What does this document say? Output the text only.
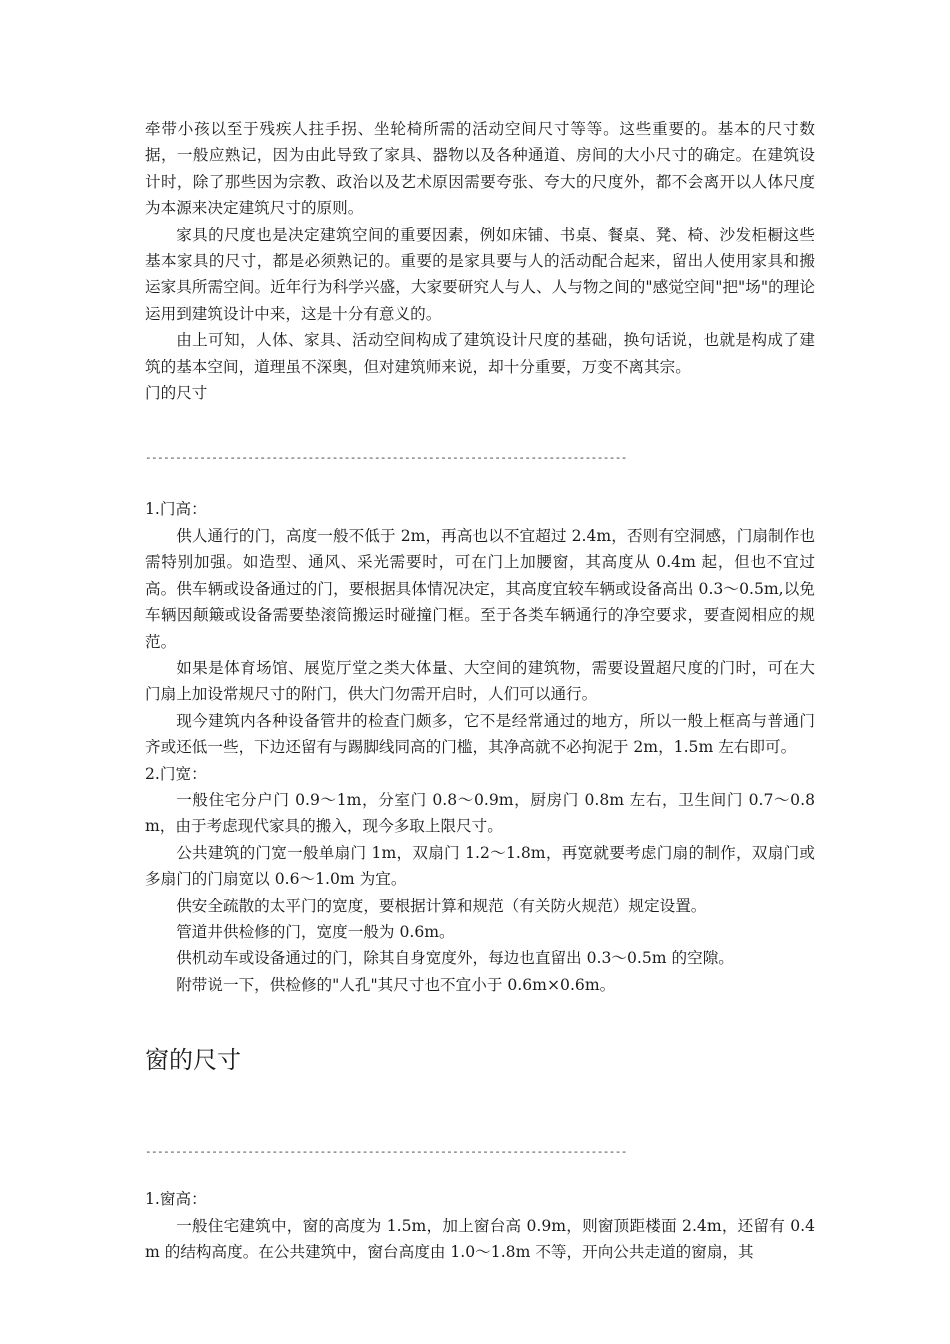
牵带小孩以至于残疾人拄手拐、坐轮椅所需的活动空间尺寸等等。这些重要的。基本的尺寸数据，一般应熟记，因为由此导致了家具、器物以及各种通道、房间的大小尺寸的确定。在建筑设计时，除了那些因为宗教、政治以及艺术原因需要夸张、夸大的尺度外，都不会离开以人体尺度为本源来决定建筑尺寸的原则。

家具的尺度也是决定建筑空间的重要因素，例如床铺、书桌、餐桌、凳、椅、沙发柜橱这些基本家具的尺寸，都是必须熟记的。重要的是家具要与人的活动配合起来，留出人使用家具和搬运家具所需空间。近年行为科学兴盛，大家要研究人与人、人与物之间的"感觉空间"把"场"的理论运用到建筑设计中来，这是十分有意义的。

由上可知，人体、家具、活动空间构成了建筑设计尺度的基础，换句话说，也就是构成了建筑的基本空间，道理虽不深奥，但对建筑师来说，却十分重要，万变不离其宗。

门的尺寸

--------------------------------------------------------------------------------

1.门高：

供人通行的门，高度一般不低于 2m，再高也以不宜超过 2.4m，否则有空洞感，门扇制作也需特别加强。如造型、通风、采光需要时，可在门上加腰窗，其高度从 0.4m 起，但也不宜过高。供车辆或设备通过的门，要根据具体情况决定，其高度宜较车辆或设备高出 0.3～0.5m,以免车辆因颠簸或设备需要垫滚筒搬运时碰撞门框。至于各类车辆通行的净空要求，要查阅相应的规范。

如果是体育场馆、展览厅堂之类大体量、大空间的建筑物，需要设置超尺度的门时，可在大门扇上加设常规尺寸的附门，供大门勿需开启时，人们可以通行。

现今建筑内各种设备管井的检查门颇多，它不是经常通过的地方，所以一般上框高与普通门齐或还低一些，下边还留有与踢脚线同高的门槛，其净高就不必拘泥于 2m，1.5m 左右即可。

2.门宽：

一般住宅分户门 0.9～1m，分室门 0.8～0.9m，厨房门 0.8m 左右，卫生间门 0.7～0.8m，由于考虑现代家具的搬入，现今多取上限尺寸。

公共建筑的门宽一般单扇门 1m，双扇门 1.2～1.8m，再宽就要考虑门扇的制作，双扇门或多扇门的门扇宽以 0.6～1.0m 为宜。

供安全疏散的太平门的宽度，要根据计算和规范（有关防火规范）规定设置。

管道井供检修的门，宽度一般为 0.6m。

供机动车或设备通过的门，除其自身宽度外，每边也直留出 0.3～0.5m 的空隙。

附带说一下，供检修的"人孔"其尺寸也不宜小于 0.6m×0.6m。

窗的尺寸

--------------------------------------------------------------------------------

1.窗高：

一般住宅建筑中，窗的高度为 1.5m，加上窗台高 0.9m，则窗顶距楼面 2.4m，还留有 0.4m 的结构高度。在公共建筑中，窗台高度由 1.0～1.8m 不等，开向公共走道的窗扇，其
